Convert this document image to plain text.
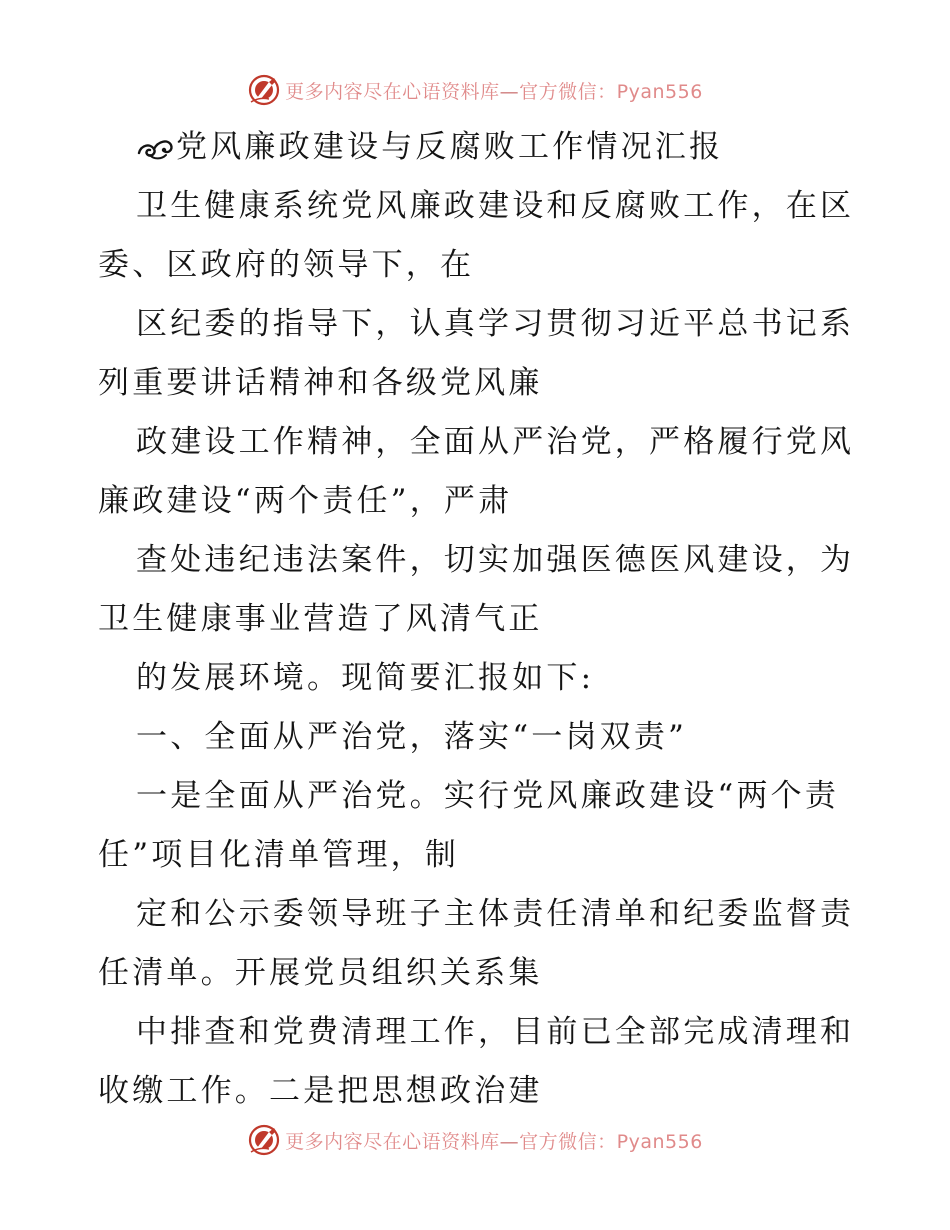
更多内容尽在心语资料库—官方微信：Pyan556
党风廉政建设与反腐败工作情况汇报
卫生健康系统党风廉政建设和反腐败工作，在区
委、区政府的领导下，在
区纪委的指导下，认真学习贯彻习近平总书记系
列重要讲话精神和各级党风廉
政建设工作精神，全面从严治党，严格履行党风
廉政建设“两个责任”，严肃
查处违纪违法案件，切实加强医德医风建设，为
卫生健康事业营造了风清气正
的发展环境。现简要汇报如下:
一、全面从严治党，落实“一岗双责”
一是全面从严治党。实行党风廉政建设“两个责
任”项目化清单管理，制
定和公示委领导班子主体责任清单和纪委监督责
任清单。开展党员组织关系集
中排查和党费清理工作，目前已全部完成清理和
收缴工作。二是把思想政治建
更多内容尽在心语资料库—官方微信：Pyan556
